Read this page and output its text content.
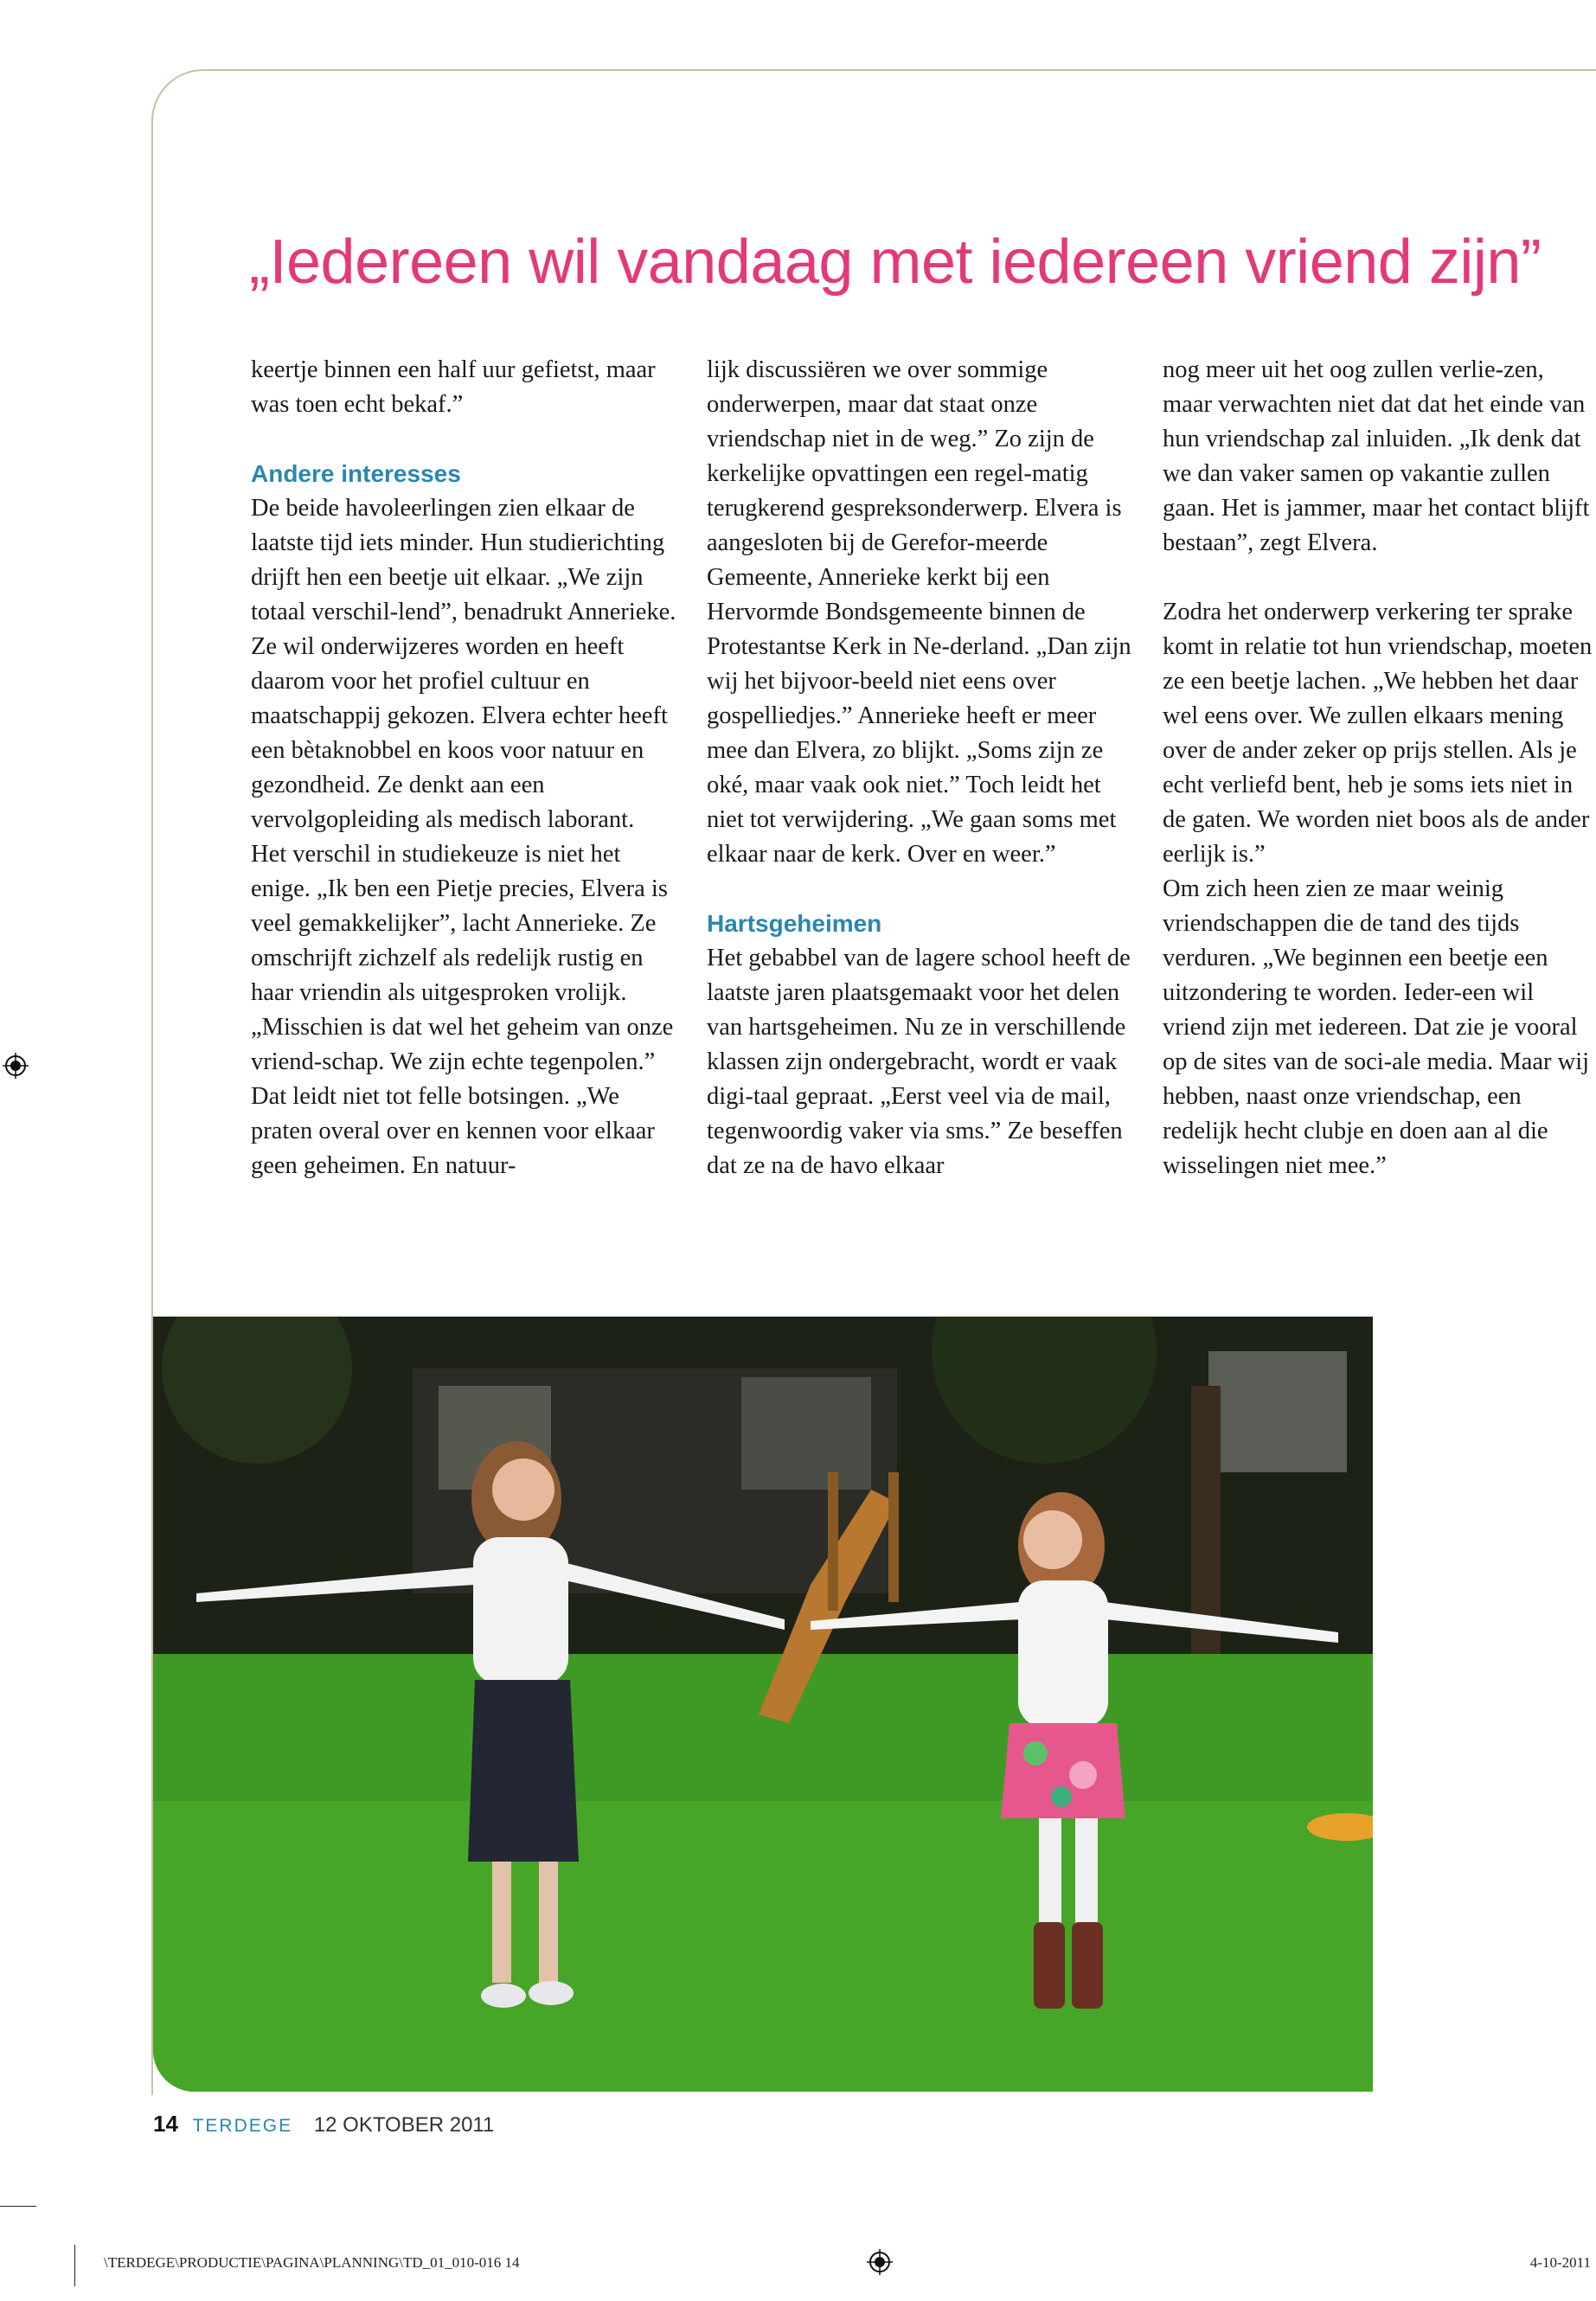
„Iedereen wil vandaag met iedereen vriend zijn”

keertje binnen een half uur gefietst, maar was toen echt bekaf.”

Andere interesses

De beide havoleerlingen zien elkaar de laatste tijd iets minder. Hun studierichting drijft hen een beetje uit elkaar. „We zijn totaal verschil-lend”, benadrukt Annerieke. Ze wil onderwijzeres worden en heeft daarom voor het profiel cultuur en maatschappij gekozen. Elvera echter heeft een bètaknobbel en koos voor natuur en gezondheid. Ze denkt aan een vervolgopleiding als medisch laborant.

Het verschil in studiekeuze is niet het enige. „Ik ben een Pietje precies, Elvera is veel gemakkelijker”, lacht Annerieke. Ze omschrijft zichzelf als redelijk rustig en haar vriendin als uitgesproken vrolijk. „Misschien is dat wel het geheim van onze vriend-schap. We zijn echte tegenpolen.” Dat leidt niet tot felle botsingen. „We praten overal over en kennen voor elkaar geen geheimen. En natuur-

lijk discussiëren we over sommige onderwerpen, maar dat staat onze vriendschap niet in de weg.” Zo zijn de kerkelijke opvattingen een regel-matig terugkerend gespreksonderwerp. Elvera is aangesloten bij de Gerefor-meerde Gemeente, Annerieke kerkt bij een Hervormde Bondsgemeente binnen de Protestantse Kerk in Ne-derland. „Dan zijn wij het bijvoor-beeld niet eens over gospelliedjes.” Annerieke heeft er meer mee dan Elvera, zo blijkt. „Soms zijn ze oké, maar vaak ook niet.” Toch leidt het niet tot verwijdering. „We gaan soms met elkaar naar de kerk. Over en weer.”

Hartsgeheimen

Het gebabbel van de lagere school heeft de laatste jaren plaatsgemaakt voor het delen van hartsgeheimen. Nu ze in verschillende klassen zijn ondergebracht, wordt er vaak digi-taal gepraat. „Eerst veel via de mail, tegenwoordig vaker via sms.” Ze beseffen dat ze na de havo elkaar

nog meer uit het oog zullen verlie-zen, maar verwachten niet dat dat het einde van hun vriendschap zal inluiden. „Ik denk dat we dan vaker samen op vakantie zullen gaan. Het is jammer, maar het contact blijft bestaan”, zegt Elvera.

Zodra het onderwerp verkering ter sprake komt in relatie tot hun vriendschap, moeten ze een beetje lachen. „We hebben het daar wel eens over. We zullen elkaars mening over de ander zeker op prijs stellen. Als je echt verliefd bent, heb je soms iets niet in de gaten. We worden niet boos als de ander eerlijk is.”

Om zich heen zien ze maar weinig vriendschappen die de tand des tijds verduren. „We beginnen een beetje een uitzondering te worden. Ieder-een wil vriend zijn met iedereen. Dat zie je vooral op de sites van de soci-ale media. Maar wij hebben, naast onze vriendschap, een redelijk hecht clubje en doen aan al die wisselingen niet mee.”

14 TERDEGE 12 OKTOBER 2011
\TERDEGE\PRODUCTIE\PAGINA\PLANNING\TD_01_010-016 14	4-10-2011
